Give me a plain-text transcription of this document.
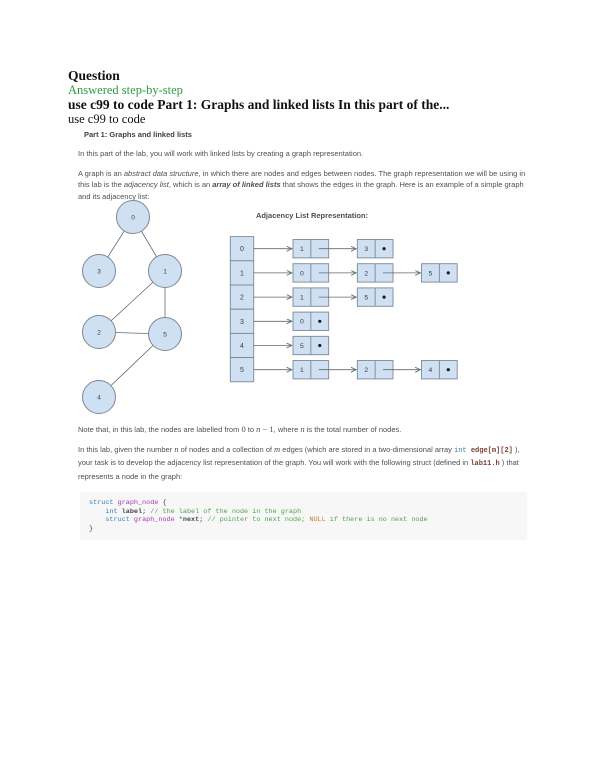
Question
Answered step-by-step
use c99 to code Part 1: Graphs and linked lists In this part of the...
use c99 to code
Part 1: Graphs and linked lists

In this part of the lab, you will work with linked lists by creating a graph representation.

A graph is an abstract data structure, in which there are nodes and edges between nodes. The graph representation we will be using in this lab is the adjacency list, which is an array of linked lists that shows the edges in the graph. Here is an example of a simple graph and its adjacency list:

0
3	1
2	5
4
Adjacency List Representation:
0	1	3
1	0	2	5
2	1	5
3	0
4	5
5	1	2	4

Note that, in this lab, the nodes are labelled from 0 to n − 1, where n is the total number of nodes.

In this lab, given the number n of nodes and a collection of m edges (which are stored in a two-dimensional array int edge[m][2] ), your task is to develop the adjacency list representation of the graph. You will work with the following struct (defined in lab11.h ) that represents a node in the graph:

struct graph_node {
int label; // the label of the node in the graph
struct graph_node *next; // pointer to next node; NULL if there is no next node
}
